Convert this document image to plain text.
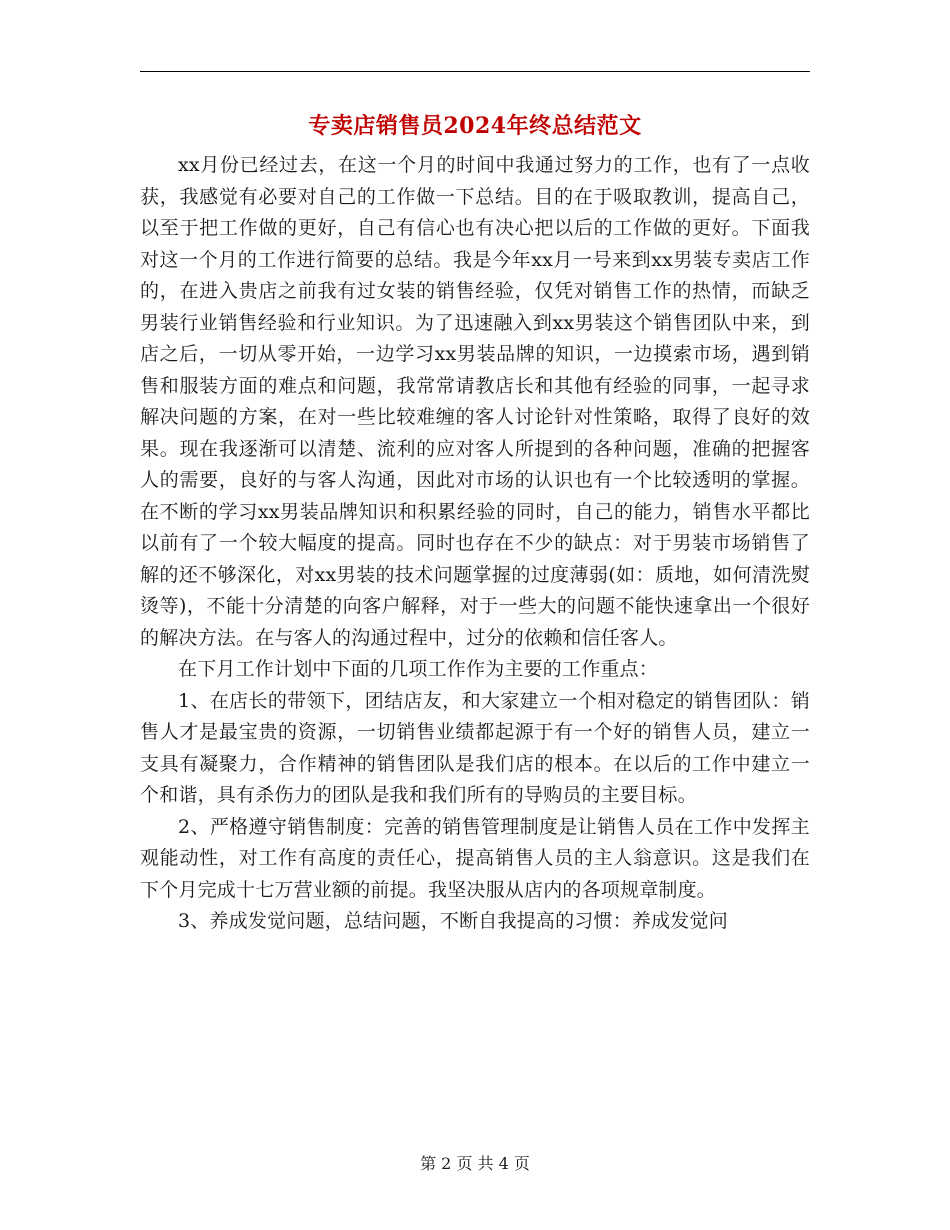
专卖店销售员2024年终总结范文

xx月份已经过去，在这一个月的时间中我通过努力的工作，也有了一点收获，我感觉有必要对自己的工作做一下总结。目的在于吸取教训，提高自己，以至于把工作做的更好，自己有信心也有决心把以后的工作做的更好。下面我对这一个月的工作进行简要的总结。我是今年xx月一号来到xx男装专卖店工作的，在进入贵店之前我有过女装的销售经验，仅凭对销售工作的热情，而缺乏男装行业销售经验和行业知识。为了迅速融入到xx男装这个销售团队中来，到店之后，一切从零开始，一边学习xx男装品牌的知识，一边摸索市场，遇到销售和服装方面的难点和问题，我常常请教店长和其他有经验的同事，一起寻求解决问题的方案，在对一些比较难缠的客人讨论针对性策略，取得了良好的效果。现在我逐渐可以清楚、流利的应对客人所提到的各种问题，准确的把握客人的需要，良好的与客人沟通，因此对市场的认识也有一个比较透明的掌握。在不断的学习xx男装品牌知识和积累经验的同时，自己的能力，销售水平都比以前有了一个较大幅度的提高。同时也存在不少的缺点：对于男装市场销售了解的还不够深化，对xx男装的技术问题掌握的过度薄弱(如：质地，如何清洗熨烫等)，不能十分清楚的向客户解释，对于一些大的问题不能快速拿出一个很好的解决方法。在与客人的沟通过程中，过分的依赖和信任客人。

在下月工作计划中下面的几项工作作为主要的工作重点：

1、在店长的带领下，团结店友，和大家建立一个相对稳定的销售团队：销售人才是最宝贵的资源，一切销售业绩都起源于有一个好的销售人员，建立一支具有凝聚力，合作精神的销售团队是我们店的根本。在以后的工作中建立一个和谐，具有杀伤力的团队是我和我们所有的导购员的主要目标。

2、严格遵守销售制度：完善的销售管理制度是让销售人员在工作中发挥主观能动性，对工作有高度的责任心，提高销售人员的主人翁意识。这是我们在下个月完成十七万营业额的前提。我坚决服从店内的各项规章制度。

3、养成发觉问题，总结问题，不断自我提高的习惯：养成发觉问

第 2 页 共 4 页
